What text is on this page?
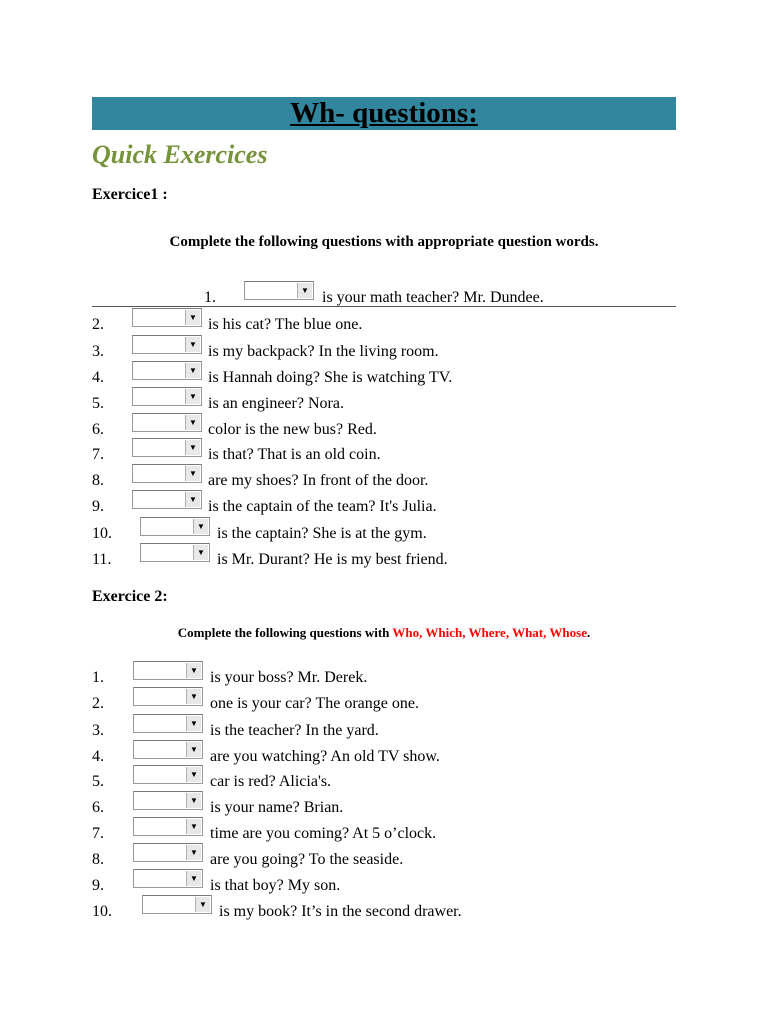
Wh- questions:
Quick Exercices
Exercice1 :
Complete the following questions with appropriate question words.
1.	▼ is your math teacher? Mr. Dundee.
2.	▼ is his cat? The blue one.
3.	▼ is my backpack? In the living room.
4.	▼ is Hannah doing? She is watching TV.
5.	▼ is an engineer? Nora.
6.	▼ color is the new bus? Red.
7.	▼ is that? That is an old coin.
8.	▼ are my shoes? In front of the door.
9.	▼ is the captain of the team? It's Julia.
10.	▼ is the captain? She is at the gym.
11.	▼ is Mr. Durant? He is my best friend.
Exercice 2:
Complete the following questions with Who, Which, Where, What, Whose.
1.	▼ is your boss? Mr. Derek.
2.	▼ one is your car? The orange one.
3.	▼ is the teacher? In the yard.
4.	▼ are you watching? An old TV show.
5.	▼ car is red? Alicia's.
6.	▼ is your name? Brian.
7.	▼ time are you coming? At 5 o’clock.
8.	▼ are you going? To the seaside.
9.	▼ is that boy? My son.
10.	▼ is my book? It’s in the second drawer.
